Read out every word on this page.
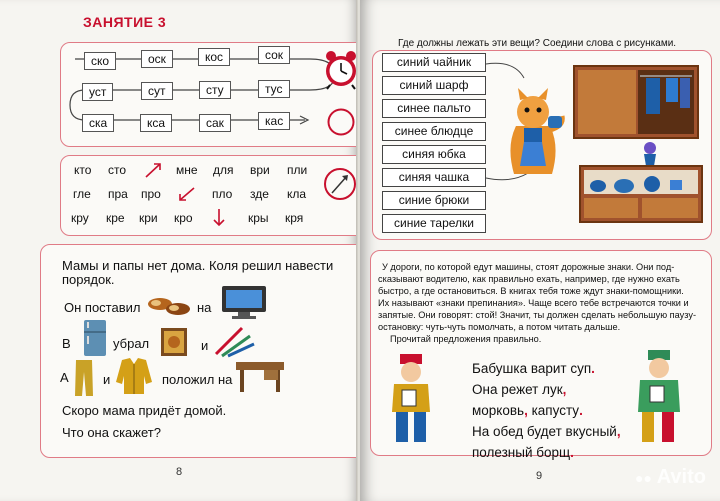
ЗАНЯТИЕ 3
ско	оск	кос	сок
уст	сут	сту	тус
ска	кса	сак	кас
кто сто	мне для ври пли
гле пра про	пло зде кла
кру кре кри кро	кры кря
Мамы и папы нет дома. Коля решил навести
порядок.
Он поставил	на
В	убрал	и
А	и	положил на
Скоро мама придёт домой.
Что она скажет?
8
Где должны лежать эти вещи? Соедини слова с рисунками.
синий чайник
синий шарф
синее пальто
синее блюдце
синяя юбка
синяя чашка
синие брюки
синие тарелки
У дороги, по которой едут машины, стоят дорожные знаки. Они под-
сказывают водителю, как правильно ехать, например, где нужно ехать
быстро, а где остановиться. В книгах тебя тоже ждут знаки-помощники.
Их называют «знаки препинания». Чаще всего тебе встречаются точки и
запятые. Они говорят: стой! Значит, ты должен сделать небольшую паузу-
остановку: чуть-чуть помолчать, а потом читать дальше.
Прочитай предложения правильно.
Бабушка варит суп.
Она режет лук,
морковь, капусту.
На обед будет вкусный,
полезный борщ.
9	●● Avito
